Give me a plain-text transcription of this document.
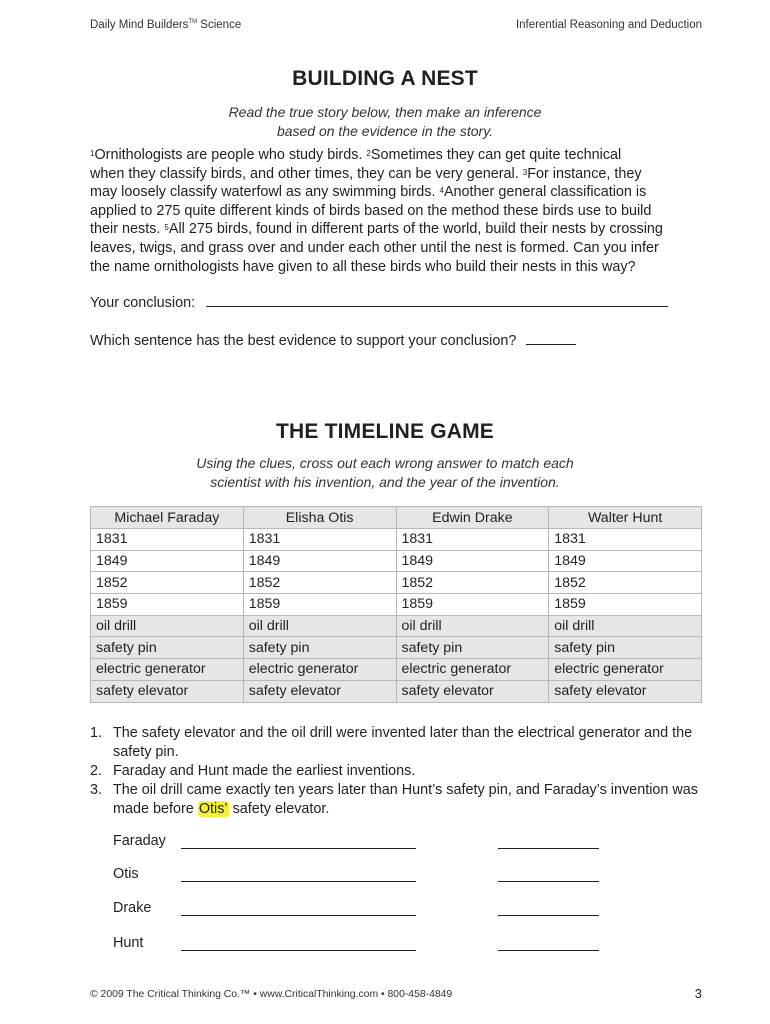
Daily Mind Builders™ Science	Inferential Reasoning and Deduction
BUILDING A NEST
Read the true story below, then make an inference
based on the evidence in the story.
$^1$Ornithologists are people who study birds. $^2$Sometimes they can get quite technical
when they classify birds, and other times, they can be very general. $^3$For instance, they
may loosely classify waterfowl as any swimming birds. $^4$Another general classification is
applied to 275 quite different kinds of birds based on the method these birds use to build
their nests. $^5$All 275 birds, found in different parts of the world, build their nests by crossing
leaves, twigs, and grass over and under each other until the nest is formed. Can you infer
the name ornithologists have given to all these birds who build their nests in this way?
Your conclusion:
Which sentence has the best evidence to support your conclusion?
THE TIMELINE GAME
Using the clues, cross out each wrong answer to match each
scientist with his invention, and the year of the invention.
Michael Faraday	Elisha Otis	Edwin Drake	Walter Hunt
1831	1831	1831	1831
1849	1849	1849	1849
1852	1852	1852	1852
1859	1859	1859	1859
oil drill	oil drill	oil drill	oil drill
safety pin	safety pin	safety pin	safety pin
electric generator	electric generator	electric generator	electric generator
safety elevator	safety elevator	safety elevator	safety elevator
1. The safety elevator and the oil drill were invented later than the electrical generator and the safety pin.
2. Faraday and Hunt made the earliest inventions.
3. The oil drill came exactly ten years later than Hunt’s safety pin, and Faraday’s invention was made before Otis’ safety elevator.
Faraday
Otis
Drake
Hunt
© 2009 The Critical Thinking Co.™ • www.CriticalThinking.com • 800-458-4849	3
